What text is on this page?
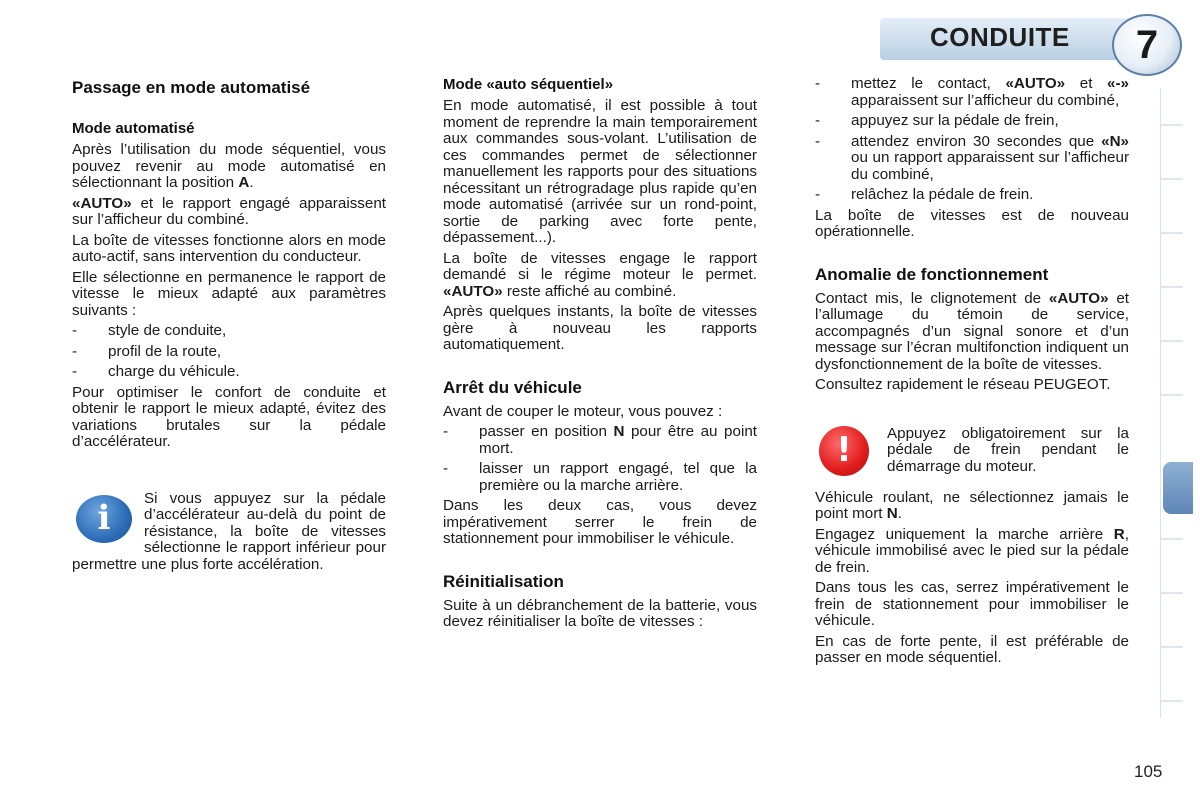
CONDUITE	7
Passage en mode automatisé
Mode automatisé

Après l’utilisation du mode séquentiel, vous pouvez revenir au mode automatisé en sélectionnant la position A.

«AUTO» et le rapport engagé apparaissent sur l’afficheur du combiné.

La boîte de vitesses fonctionne alors en mode auto-actif, sans intervention du conducteur.

Elle sélectionne en permanence le rapport de vitesse le mieux adapté aux paramètres suivants :

-	style de conduite,
-	profil de la route,
-	charge du véhicule.

Pour optimiser le confort de conduite et obtenir le rapport le mieux adapté, évitez des variations brutales sur la pédale d’accélérateur.

i

Si vous appuyez sur la pédale d’accélérateur au-delà du point de résistance, la boîte de vitesses sélectionne le rapport inférieur pour permettre une plus forte accélération.

Mode «auto séquentiel»

En mode automatisé, il est possible à tout moment de reprendre la main temporairement aux commandes sous-volant. L’utilisation de ces commandes permet de sélectionner manuellement les rapports pour des situations nécessitant un rétrogradage plus rapide qu’en mode automatisé (arrivée sur un rond-point, sortie de parking avec forte pente, dépassement...).

La boîte de vitesses engage le rapport demandé si le régime moteur le permet. «AUTO» reste affiché au combiné.

Après quelques instants, la boîte de vitesses gère à nouveau les rapports automatiquement.

Arrêt du véhicule

Avant de couper le moteur, vous pouvez :

-	passer en position N pour être au point mort.
-	laisser un rapport engagé, tel que la première ou la marche arrière.

Dans les deux cas, vous devez impérativement serrer le frein de stationnement pour immobiliser le véhicule.

Réinitialisation

Suite à un débranchement de la batterie, vous devez réinitialiser la boîte de vitesses :

-	mettez le contact, «AUTO» et «-» apparaissent sur l’afficheur du combiné,
-	appuyez sur la pédale de frein,
-	attendez environ 30 secondes que «N» ou un rapport apparaissent sur l’afficheur du combiné,
-	relâchez la pédale de frein.

La boîte de vitesses est de nouveau opérationnelle.

Anomalie de fonctionnement

Contact mis, le clignotement de «AUTO» et l’allumage du témoin de service, accompagnés d’un signal sonore et d’un message sur l’écran multifonction indiquent un dysfonctionnement de la boîte de vitesses.

Consultez rapidement le réseau PEUGEOT.

!	Appuyez obligatoirement sur la pédale de frein pendant le démarrage du moteur.

Véhicule roulant, ne sélectionnez jamais le point mort N.

Engagez uniquement la marche arrière R, véhicule immobilisé avec le pied sur la pédale de frein.

Dans tous les cas, serrez impérativement le frein de stationnement pour immobiliser le véhicule.

En cas de forte pente, il est préférable de passer en mode séquentiel.

105
